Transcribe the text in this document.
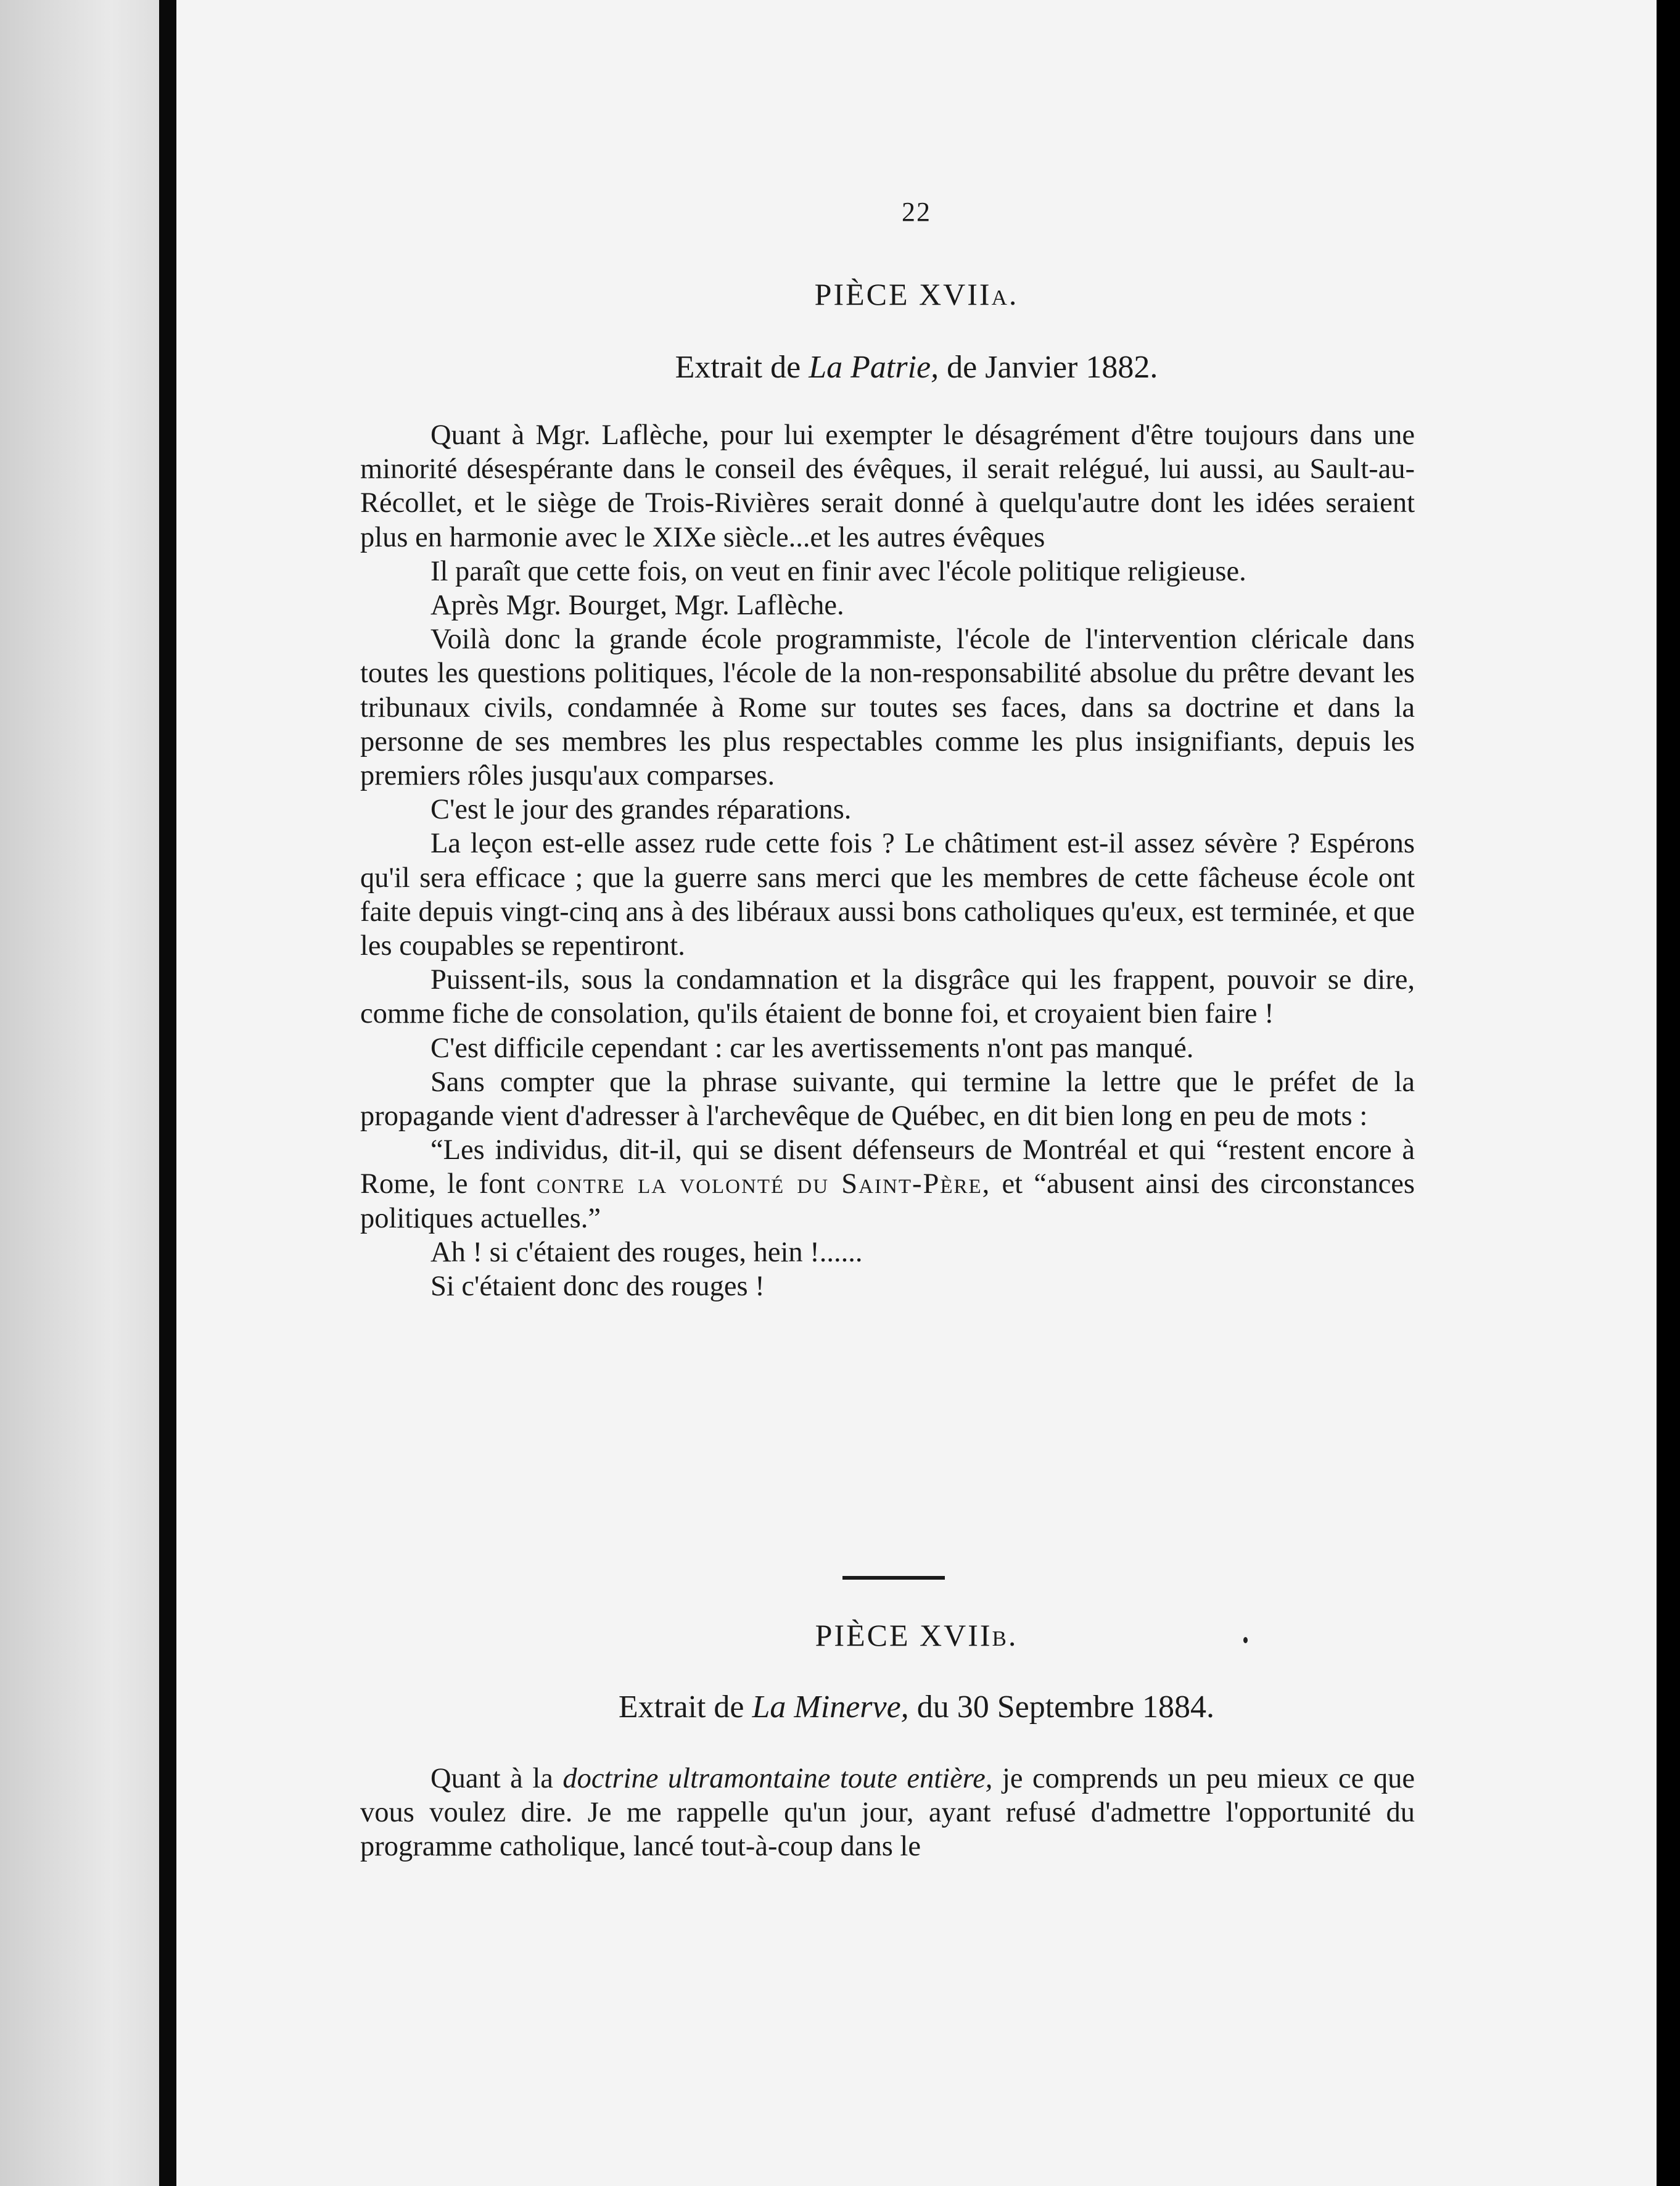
22
PIÈCE XVIIa.
Extrait de La Patrie, de Janvier 1882.

Quant à Mgr. Laflèche, pour lui exempter le désagrément d'être toujours dans une minorité désespérante dans le conseil des évêques, il serait relégué, lui aussi, au Sault-au-Récollet, et le siège de Trois-Rivières serait donné à quelqu'autre dont les idées seraient plus en harmonie avec le XIXe siècle...et les autres évêques

Il paraît que cette fois, on veut en finir avec l'école politique religieuse.

Après Mgr. Bourget, Mgr. Laflèche.

Voilà donc la grande école programmiste, l'école de l'intervention cléricale dans toutes les questions politiques, l'école de la non-responsabilité absolue du prêtre devant les tribunaux civils, condamnée à Rome sur toutes ses faces, dans sa doctrine et dans la personne de ses membres les plus respectables comme les plus insignifiants, depuis les premiers rôles jusqu'aux comparses.

C'est le jour des grandes réparations.

La leçon est-elle assez rude cette fois ? Le châtiment est-il assez sévère ? Espérons qu'il sera efficace ; que la guerre sans merci que les membres de cette fâcheuse école ont faite depuis vingt-cinq ans à des libéraux aussi bons catholiques qu'eux, est terminée, et que les coupables se repentiront.

Puissent-ils, sous la condamnation et la disgrâce qui les frappent, pouvoir se dire, comme fiche de consolation, qu'ils étaient de bonne foi, et croyaient bien faire !

C'est difficile cependant : car les avertissements n'ont pas manqué.

Sans compter que la phrase suivante, qui termine la lettre que le préfet de la propagande vient d'adresser à l'archevêque de Québec, en dit bien long en peu de mots :

“Les individus, dit-il, qui se disent défenseurs de Montréal et qui “restent encore à Rome, le font contre la volonté du Saint-Père, et “abusent ainsi des circonstances politiques actuelles.”

Ah ! si c'étaient des rouges, hein !......

Si c'étaient donc des rouges !

PIÈCE XVIIb.
Extrait de La Minerve, du 30 Septembre 1884.

Quant à la doctrine ultramontaine toute entière, je comprends un peu mieux ce que vous voulez dire. Je me rappelle qu'un jour, ayant refusé d'admettre l'opportunité du programme catholique, lancé tout-à-coup dans le
